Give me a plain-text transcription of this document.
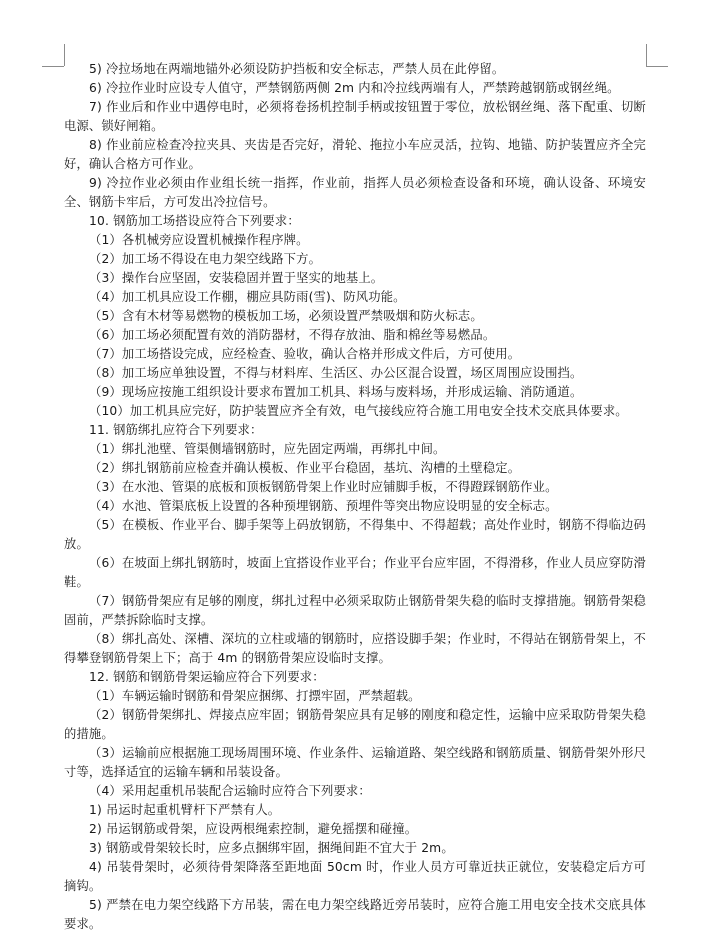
5) 冷拉场地在两端地锚外必须设防护挡板和安全标志，严禁人员在此停留。

6) 冷拉作业时应设专人值守，严禁钢筋两侧 2m 内和冷拉线两端有人，严禁跨越钢筋或钢丝绳。

7) 作业后和作业中遇停电时，必须将卷扬机控制手柄或按钮置于零位，放松钢丝绳、落下配重、切断电源、锁好闸箱。

8) 作业前应检查冷拉夹具、夹齿是否完好，滑轮、拖拉小车应灵活，拉钩、地锚、防护装置应齐全完好，确认合格方可作业。

9) 冷拉作业必须由作业组长统一指挥，作业前，指挥人员必须检查设备和环境，确认设备、环境安全、钢筋卡牢后，方可发出冷拉信号。

10. 钢筋加工场搭设应符合下列要求：

（1）各机械旁应设置机械操作程序牌。

（2）加工场不得设在电力架空线路下方。

（3）操作台应坚固，安装稳固并置于坚实的地基上。

（4）加工机具应设工作棚，棚应具防雨(雪)、防风功能。

（5）含有木材等易燃物的模板加工场，必须设置严禁吸烟和防火标志。

（6）加工场必须配置有效的消防器材，不得存放油、脂和棉丝等易燃品。

（7）加工场搭设完成，应经检查、验收，确认合格并形成文件后，方可使用。

（8）加工场应单独设置，不得与材料库、生活区、办公区混合设置，场区周围应设围挡。

（9）现场应按施工组织设计要求布置加工机具、料场与废料场，并形成运输、消防通道。

（10）加工机具应完好，防护装置应齐全有效，电气接线应符合施工用电安全技术交底具体要求。

11. 钢筋绑扎应符合下列要求：

（1）绑扎池壁、管渠侧墙钢筋时，应先固定两端，再绑扎中间。

（2）绑扎钢筋前应检查并确认模板、作业平台稳固，基坑、沟槽的土壁稳定。

（3）在水池、管渠的底板和顶板钢筋骨架上作业时应铺脚手板，不得蹬踩钢筋作业。

（4）水池、管渠底板上设置的各种预埋钢筋、预埋件等突出物应设明显的安全标志。

（5）在模板、作业平台、脚手架等上码放钢筋，不得集中、不得超载；高处作业时，钢筋不得临边码放。

（6）在坡面上绑扎钢筋时，坡面上宜搭设作业平台；作业平台应牢固，不得滑移，作业人员应穿防滑鞋。

（7）钢筋骨架应有足够的刚度，绑扎过程中必须采取防止钢筋骨架失稳的临时支撑措施。钢筋骨架稳固前，严禁拆除临时支撑。

（8）绑扎高处、深槽、深坑的立柱或墙的钢筋时，应搭设脚手架；作业时，不得站在钢筋骨架上，不得攀登钢筋骨架上下；高于 4m 的钢筋骨架应设临时支撑。

12. 钢筋和钢筋骨架运输应符合下列要求：

（1）车辆运输时钢筋和骨架应捆绑、打摽牢固，严禁超载。

（2）钢筋骨架绑扎、焊接点应牢固；钢筋骨架应具有足够的刚度和稳定性，运输中应采取防骨架失稳的措施。

（3）运输前应根据施工现场周围环境、作业条件、运输道路、架空线路和钢筋质量、钢筋骨架外形尺寸等，选择适宜的运输车辆和吊装设备。

（4）采用起重机吊装配合运输时应符合下列要求：

1) 吊运时起重机臂杆下严禁有人。

2) 吊运钢筋或骨架，应设两根绳索控制，避免摇摆和碰撞。

3) 钢筋或骨架较长时，应多点捆绑牢固，捆绳间距不宜大于 2m。

4) 吊装骨架时，必须待骨架降落至距地面 50cm 时，作业人员方可靠近扶正就位，安装稳定后方可摘钩。

5) 严禁在电力架空线路下方吊装，需在电力架空线路近旁吊装时，应符合施工用电安全技术交底具体要求。
